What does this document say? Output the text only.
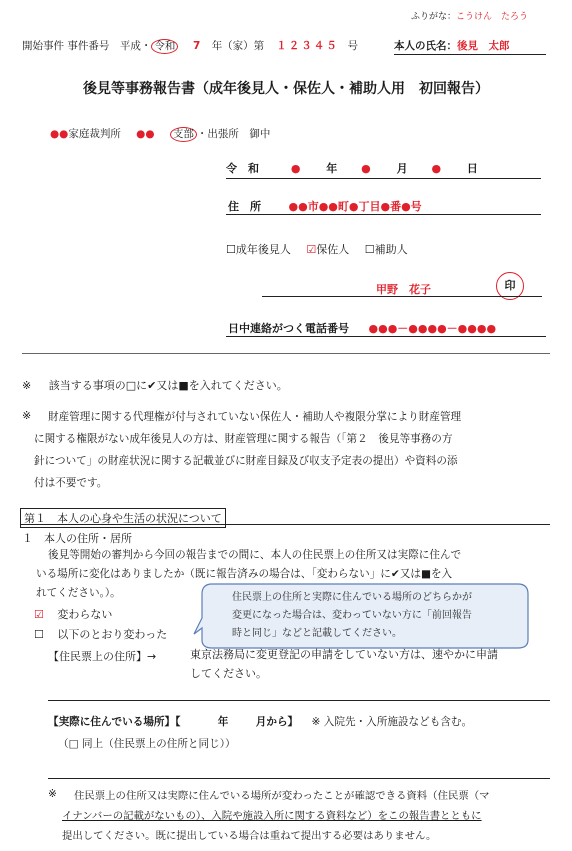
ふりがな：こうけん　たろう
開始事件 事件番号　平成・ 令和 7 年（家）第 １２３４５ 号	本人の氏名：後見　太郎
後見等事務報告書（成年後見人・保佐人・補助人用　初回報告）
●●家庭裁判所 ●● 支部 ・出張所　御中
令　和	● 年 ● 月 ● 日
住　所	●●市●●町●丁目●番●号
☐成年後見人 ☑保佐人 ☐補助人
甲野　花子	印
日中連絡がつく電話番号 ●●●－●●●●－●●●●
※ 該当する事項の□に✔又は■を入れてください。
※ 財産管理に関する代理権が付与されていない保佐人・補助人や複限分掌により財産管理
に関する権限がない成年後見人の方は、財産管理に関する報告（「第２　後見等事務の方
針について」の財産状況に関する記載並びに財産目録及び収支予定表の提出）や資料の添
付は不要です。
第１　本人の心身や生活の状況について
１　本人の住所・居所
後見等開始の審判から今回の報告までの間に、本人の住民票上の住所又は実際に住んで
いる場所に変化はありましたか（既に報告済みの場合は、「変わらない」に✔又は■を入
れてください。）。
☑ 変わらない
☐ 以下のとおり変わった
【住民票上の住所】→	東京法務局に変更登記の申請をしていない方は、速やかに申請
してください。
【実際に住んでいる場所】【	年	月から】 ※ 入院先・入所施設なども含む。
（□ 同上（住民票上の住所と同じ））
※ 住民票上の住所又は実際に住んでいる場所が変わったことが確認できる資料（住民票（マ
イナンバーの記載がないもの）、入院や施設入所に関する資料など）をこの報告書とともに
提出してください。既に提出している場合は重ねて提出する必要はありません。
住民票上の住所と実際に住んでいる場所のどちらかが
変更になった場合は、変わっていない方に「前回報告
時と同じ」などと記載してください。
